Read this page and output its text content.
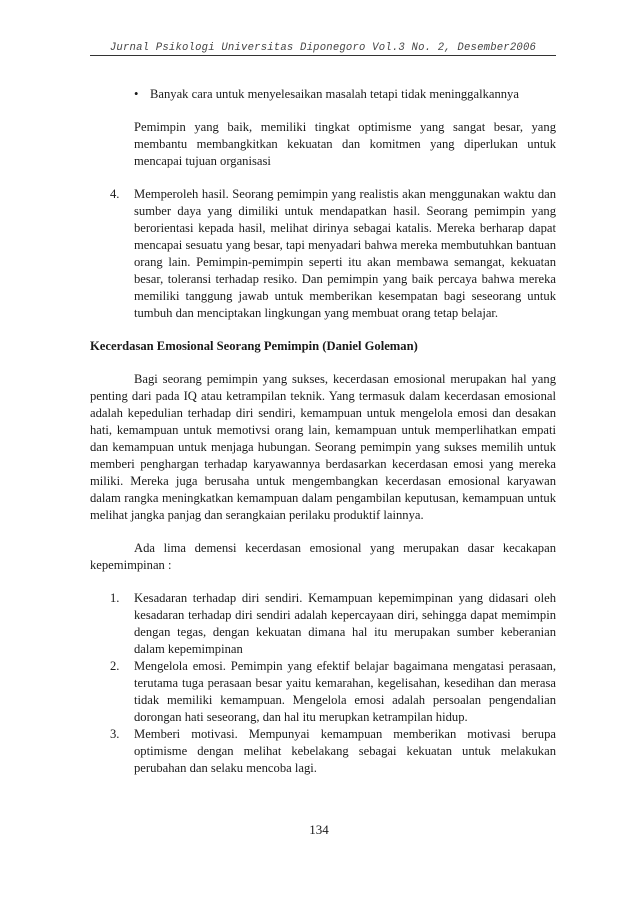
Jurnal Psikologi Universitas Diponegoro Vol.3 No. 2, Desember2006
• Banyak cara untuk menyelesaikan masalah tetapi tidak meninggalkannya

Pemimpin yang baik, memiliki tingkat optimisme yang sangat besar, yang membantu membangkitkan kekuatan dan komitmen yang diperlukan untuk mencapai tujuan organisasi

4. Memperoleh hasil. Seorang pemimpin yang realistis akan menggunakan waktu dan sumber daya yang dimiliki untuk mendapatkan hasil. Seorang pemimpin yang berorientasi kepada hasil, melihat dirinya sebagai katalis. Mereka berharap dapat mencapai sesuatu yang besar, tapi menyadari bahwa mereka membutuhkan bantuan orang lain. Pemimpin-pemimpin seperti itu akan membawa semangat, kekuatan besar, toleransi terhadap resiko. Dan pemimpin yang baik percaya bahwa mereka memiliki tanggung jawab untuk memberikan kesempatan bagi seseorang untuk tumbuh dan menciptakan lingkungan yang membuat orang tetap belajar.

Kecerdasan Emosional Seorang Pemimpin (Daniel Goleman)

Bagi seorang pemimpin yang sukses, kecerdasan emosional merupakan hal yang penting dari pada IQ atau ketrampilan teknik. Yang termasuk dalam kecerdasan emosional adalah kepedulian terhadap diri sendiri, kemampuan untuk mengelola emosi dan desakan hati, kemampuan untuk memotivsi orang lain, kemampuan untuk memperlihatkan empati dan kemampuan untuk menjaga hubungan. Seorang pemimpin yang sukses memilih untuk memberi penghargan terhadap karyawannya berdasarkan kecerdasan emosi yang mereka miliki. Mereka juga berusaha untuk mengembangkan kecerdasan emosional karyawan dalam rangka meningkatkan kemampuan dalam pengambilan keputusan, kemampuan untuk melihat jangka panjag dan serangkaian perilaku produktif lainnya.

Ada lima demensi kecerdasan emosional yang merupakan dasar kecakapan kepemimpinan :

1. Kesadaran terhadap diri sendiri. Kemampuan kepemimpinan yang didasari oleh kesadaran terhadap diri sendiri adalah kepercayaan diri, sehingga dapat memimpin dengan tegas, dengan kekuatan dimana hal itu merupakan sumber keberanian dalam kepemimpinan

2. Mengelola emosi. Pemimpin yang efektif belajar bagaimana mengatasi perasaan, terutama tuga perasaan besar yaitu kemarahan, kegelisahan, kesedihan dan merasa tidak memiliki kemampuan. Mengelola emosi adalah persoalan pengendalian dorongan hati seseorang, dan hal itu merupkan ketrampilan hidup.

3. Memberi motivasi. Mempunyai kemampuan memberikan motivasi berupa optimisme dengan melihat kebelakang sebagai kekuatan untuk melakukan perubahan dan selaku mencoba lagi.

134
